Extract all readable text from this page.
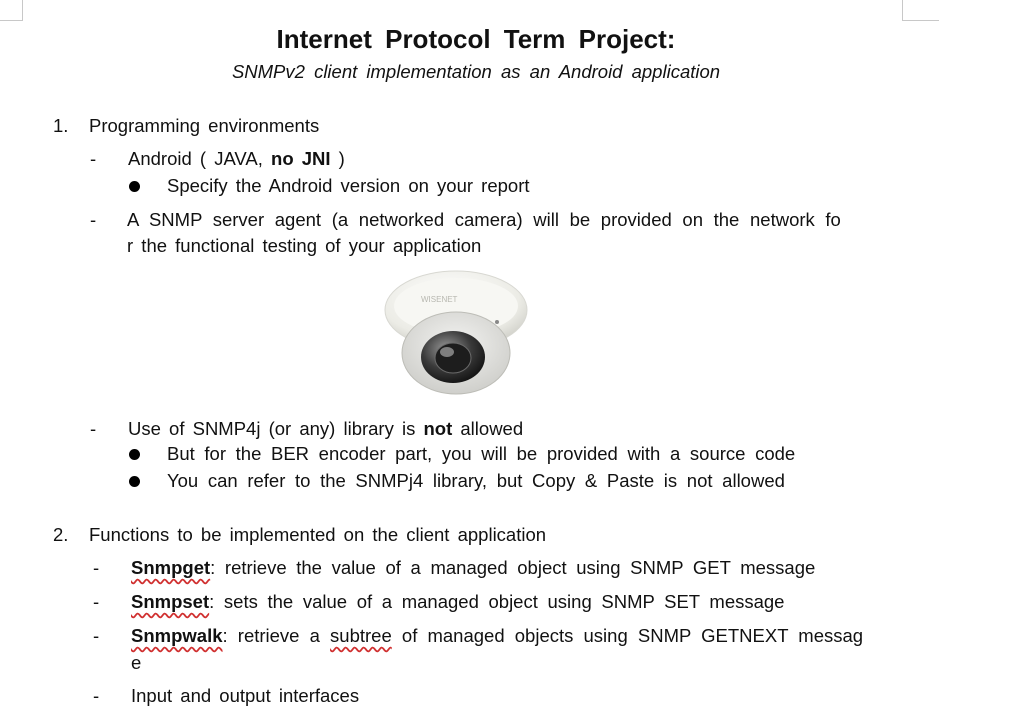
Internet Protocol Term Project:
SNMPv2 client implementation as an Android application
1. Programming environments
- Android ( JAVA, no JNI )
Specify the Android version on your report
- A SNMP server agent (a networked camera) will be provided on the network fo
r the functional testing of your application
WISENET
- Use of SNMP4j (or any) library is not allowed
But for the BER encoder part, you will be provided with a source code
You can refer to the SNMPj4 library, but Copy & Paste is not allowed
2. Functions to be implemented on the client application
- Snmpget: retrieve the value of a managed object using SNMP GET message
- Snmpset: sets the value of a managed object using SNMP SET message
- Snmpwalk: retrieve a subtree of managed objects using SNMP GETNEXT messag
e
- Input and output interfaces
